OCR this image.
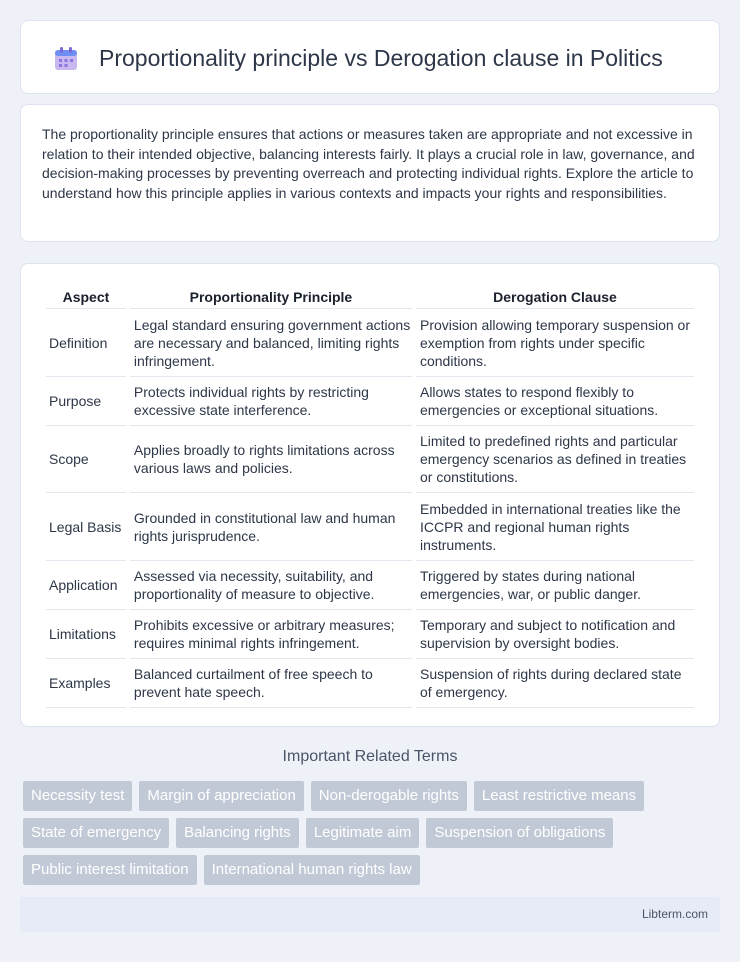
Proportionality principle vs Derogation clause in Politics

The proportionality principle ensures that actions or measures taken are appropriate and not excessive in relation to their intended objective, balancing interests fairly. It plays a crucial role in law, governance, and decision-making processes by preventing overreach and protecting individual rights. Explore the article to understand how this principle applies in various contexts and impacts your rights and responsibilities.

Aspect	Proportionality Principle	Derogation Clause
Definition	Legal standard ensuring government actions are necessary and balanced, limiting rights infringement.	Provision allowing temporary suspension or exemption from rights under specific conditions.
Purpose	Protects individual rights by restricting excessive state interference.	Allows states to respond flexibly to emergencies or exceptional situations.
Scope	Applies broadly to rights limitations across various laws and policies.	Limited to predefined rights and particular emergency scenarios as defined in treaties or constitutions.
Legal Basis	Grounded in constitutional law and human rights jurisprudence.	Embedded in international treaties like the ICCPR and regional human rights instruments.
Application	Assessed via necessity, suitability, and proportionality of measure to objective.	Triggered by states during national emergencies, war, or public danger.
Limitations	Prohibits excessive or arbitrary measures; requires minimal rights infringement.	Temporary and subject to notification and supervision by oversight bodies.
Examples	Balanced curtailment of free speech to prevent hate speech.	Suspension of rights during declared state of emergency.
Important Related Terms
Necessity test	Margin of appreciation	Non-derogable rights	Least restrictive means
State of emergency	Balancing rights	Legitimate aim	Suspension of obligations
Public interest limitation	International human rights law
Libterm.com
